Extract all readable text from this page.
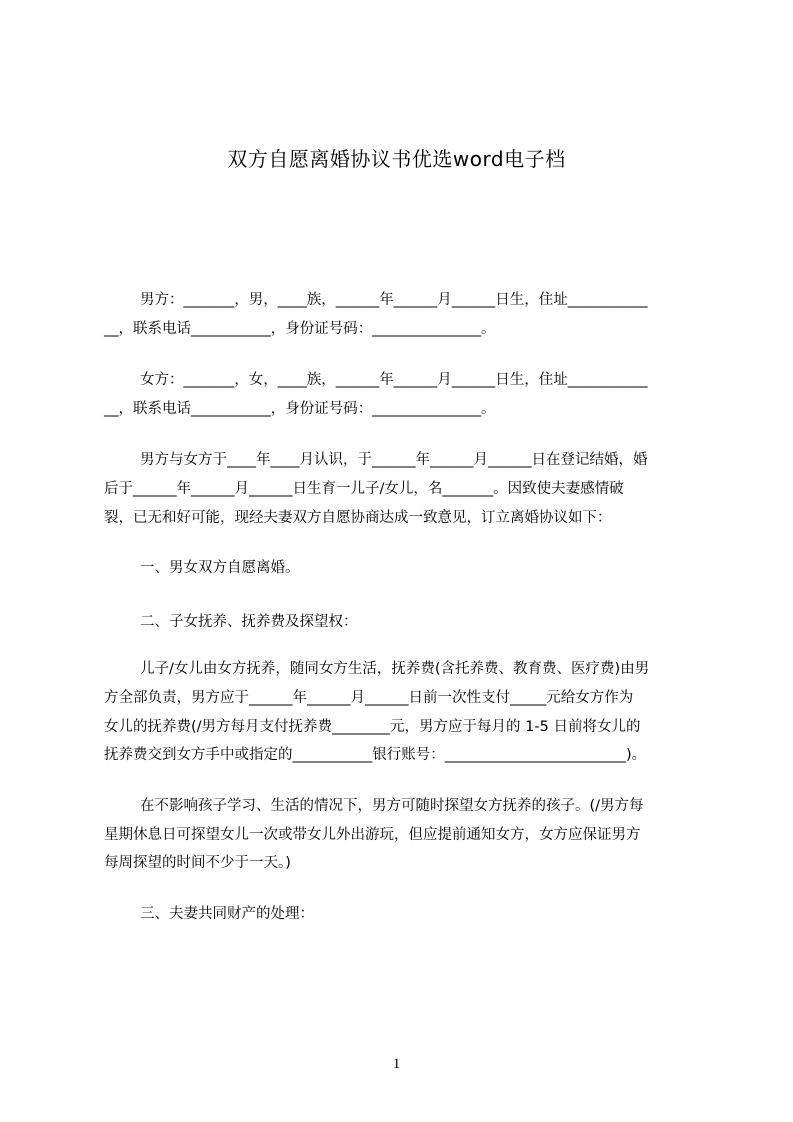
双方自愿离婚协议书优选word电子档
男方：_______，男，____族，______年______月______日生，住址___________
__，联系电话___________，身份证号码：_______________。
女方：_______，女，____族，______年______月______日生，住址___________
__，联系电话___________，身份证号码：_______________。
男方与女方于____年____月认识，于______年______月______日在登记结婚，婚
后于______年______月______日生育一儿子/女儿，名_______。因致使夫妻感情破
裂，已无和好可能，现经夫妻双方自愿协商达成一致意见，订立离婚协议如下：
一、男女双方自愿离婚。
二、子女抚养、抚养费及探望权：
儿子/女儿由女方抚养，随同女方生活，抚养费(含托养费、教育费、医疗费)由男
方全部负责，男方应于______年______月______日前一次性支付_____元给女方作为
女儿的抚养费(/男方每月支付抚养费________元，男方应于每月的 1-5 日前将女儿的
抚养费交到女方手中或指定的___________银行账号：_________________________)。
在不影响孩子学习、生活的情况下，男方可随时探望女方抚养的孩子。(/男方每
星期休息日可探望女儿一次或带女儿外出游玩，但应提前通知女方，女方应保证男方
每周探望的时间不少于一天。)
三、夫妻共同财产的处理：
1
